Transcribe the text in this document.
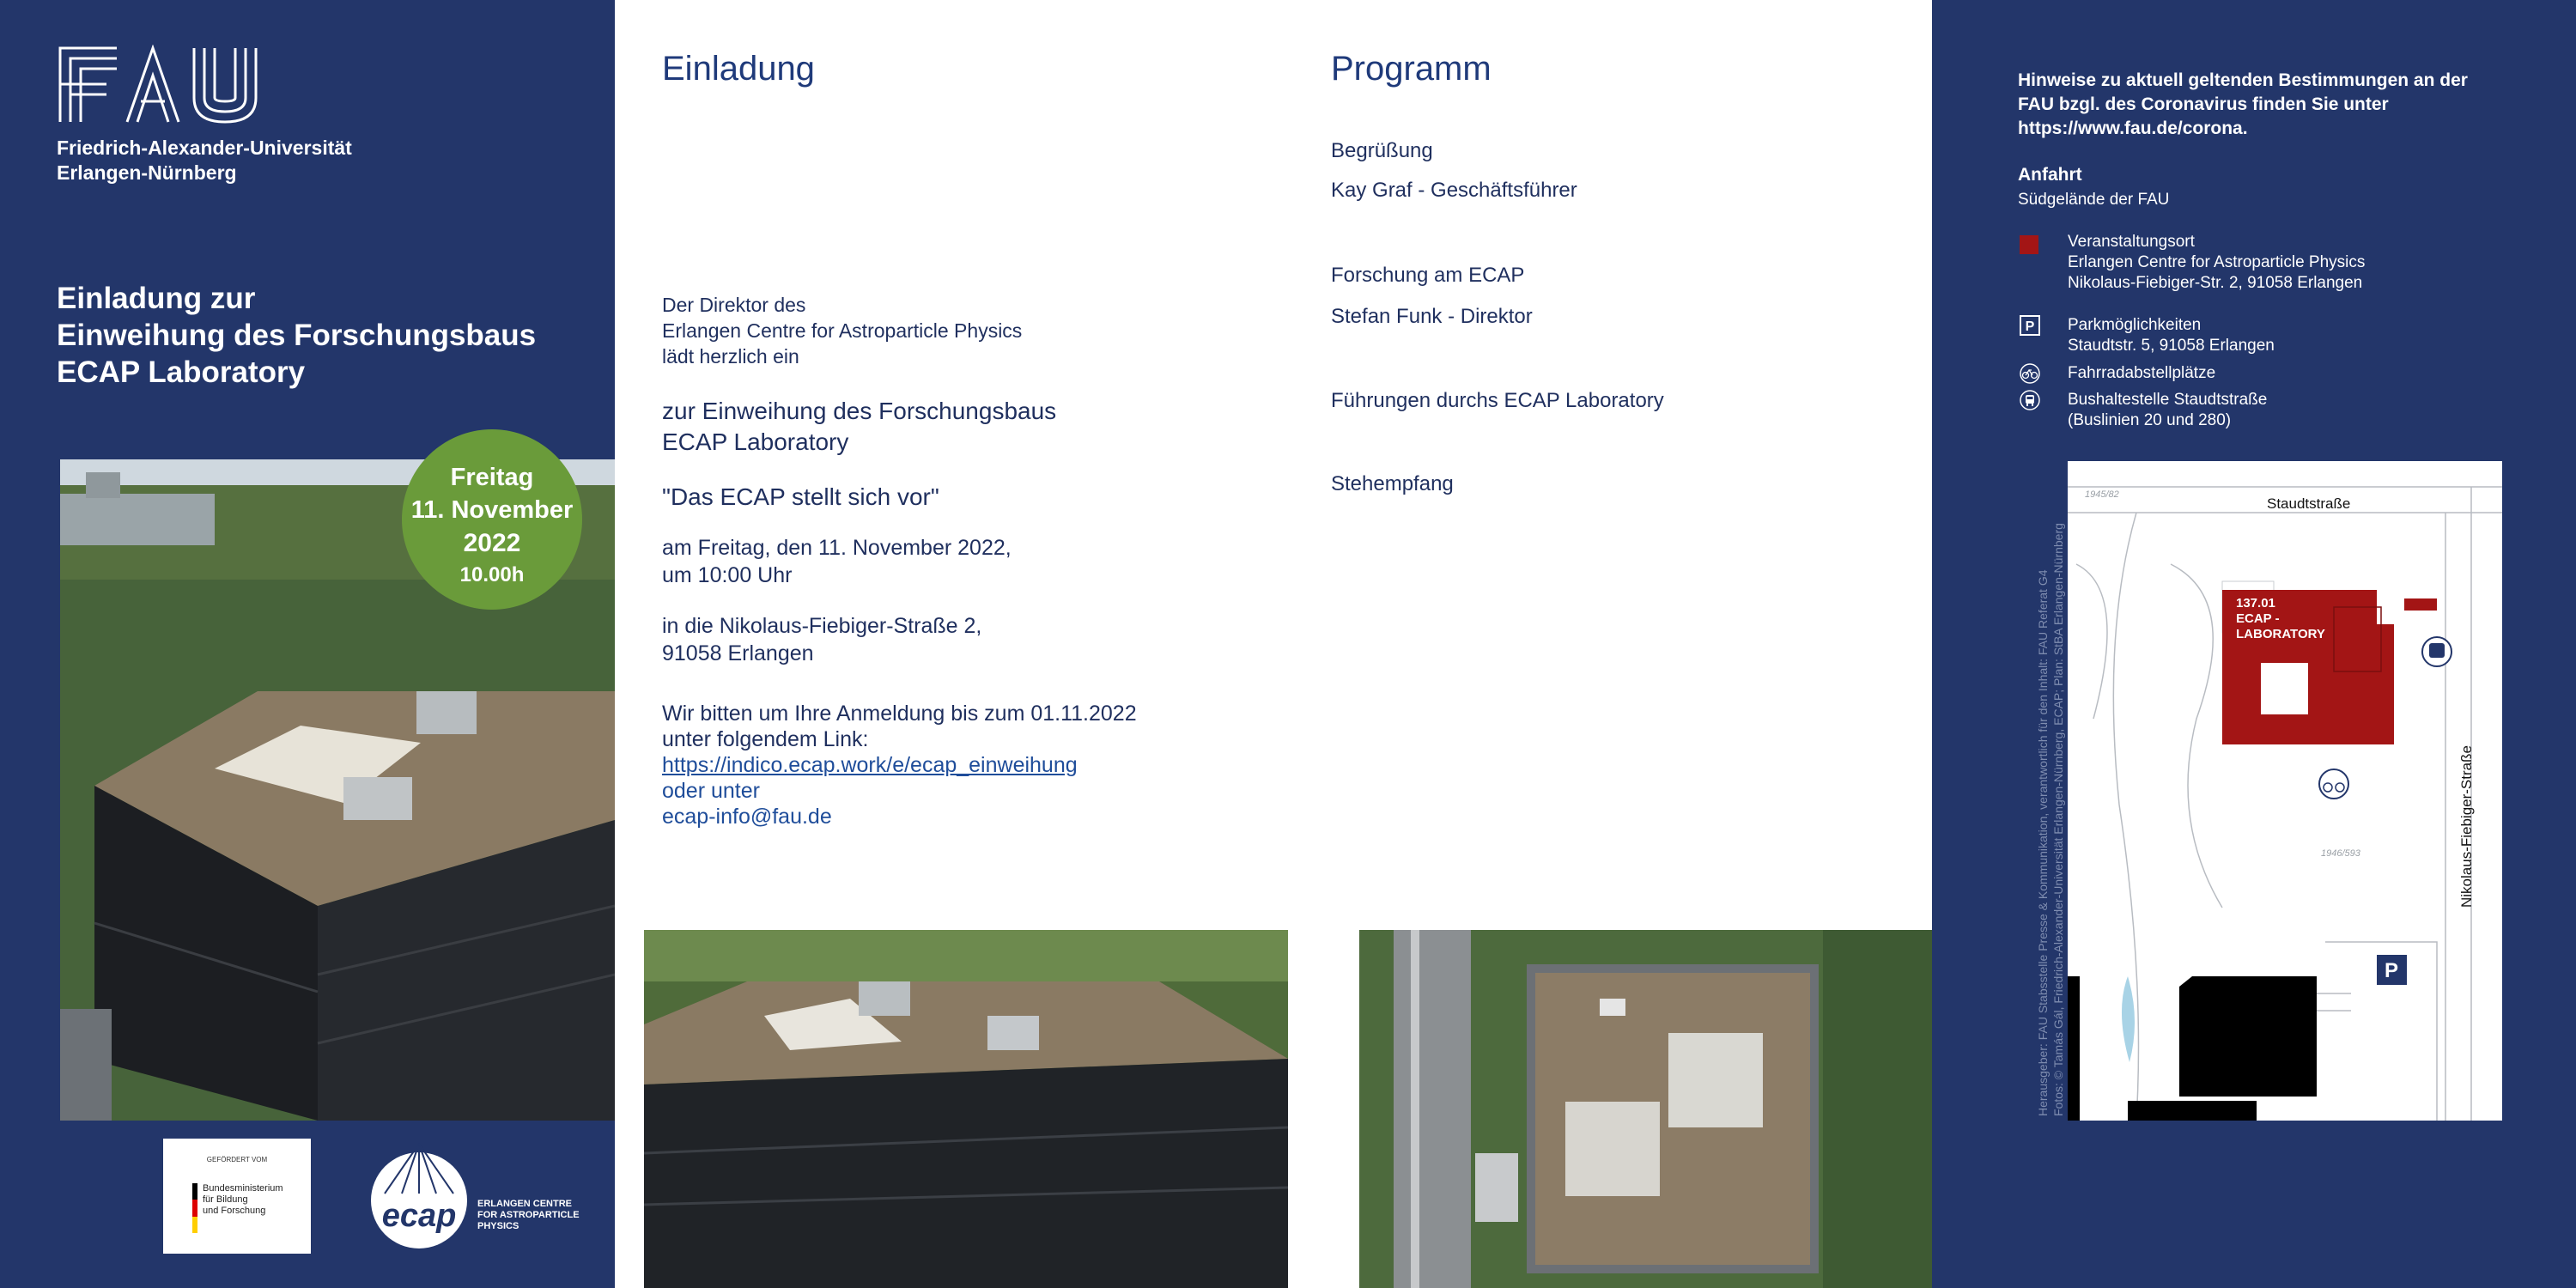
Friedrich-Alexander-Universität
Erlangen-Nürnberg
Einladung zur
Einweihung des Forschungsbaus
ECAP Laboratory
Freitag
11. November
2022
10.00h
GEFÖRDERT VOM
Bundesministerium
für Bildung
und Forschung	ecap ERLANGEN CENTRE
FOR ASTROPARTICLE
PHYSICS
Einladung
Der Direktor des
Erlangen Centre for Astroparticle Physics
lädt herzlich ein
zur Einweihung des Forschungsbaus
ECAP Laboratory
"Das ECAP stellt sich vor"
am Freitag, den 11. November 2022,
um 10:00 Uhr
in die Nikolaus-Fiebiger-Straße 2,
91058 Erlangen
Wir bitten um Ihre Anmeldung bis zum 01.11.2022
unter folgendem Link:
https://indico.ecap.work/e/ecap_einweihung
oder unter
ecap-info@fau.de
Programm
Begrüßung
Kay Graf - Geschäftsführer
Forschung am ECAP
Stefan Funk - Direktor
Führungen durchs ECAP Laboratory
Stehempfang
Hinweise zu aktuell geltenden Bestimmungen an der FAU bzgl. des Coronavirus finden Sie unter https://www.fau.de/corona.
Anfahrt
Südgelände der FAU
Veranstaltungsort
Erlangen Centre for Astroparticle Physics
Nikolaus-Fiebiger-Str. 2, 91058 Erlangen
P Parkmöglichkeiten
Staudtstr. 5, 91058 Erlangen
Fahrradabstellplätze
Bushaltestelle Staudtstraße
(Buslinien 20 und 280)
137.01
ECAP -
LABORATORY
P
Staudtstraße
Nikolaus-Fiebiger-Straße
1945/82
1946/593
Herausgeber: FAU Stabsstelle Presse & Kommunikation, verantwortlich für den Inhalt: FAU Referat G4 Fotos: © Tamás Gál, Friedrich-Alexander-Universität Erlangen-Nürnberg, ECAP; Plan: StBA Erlangen-Nürnberg
